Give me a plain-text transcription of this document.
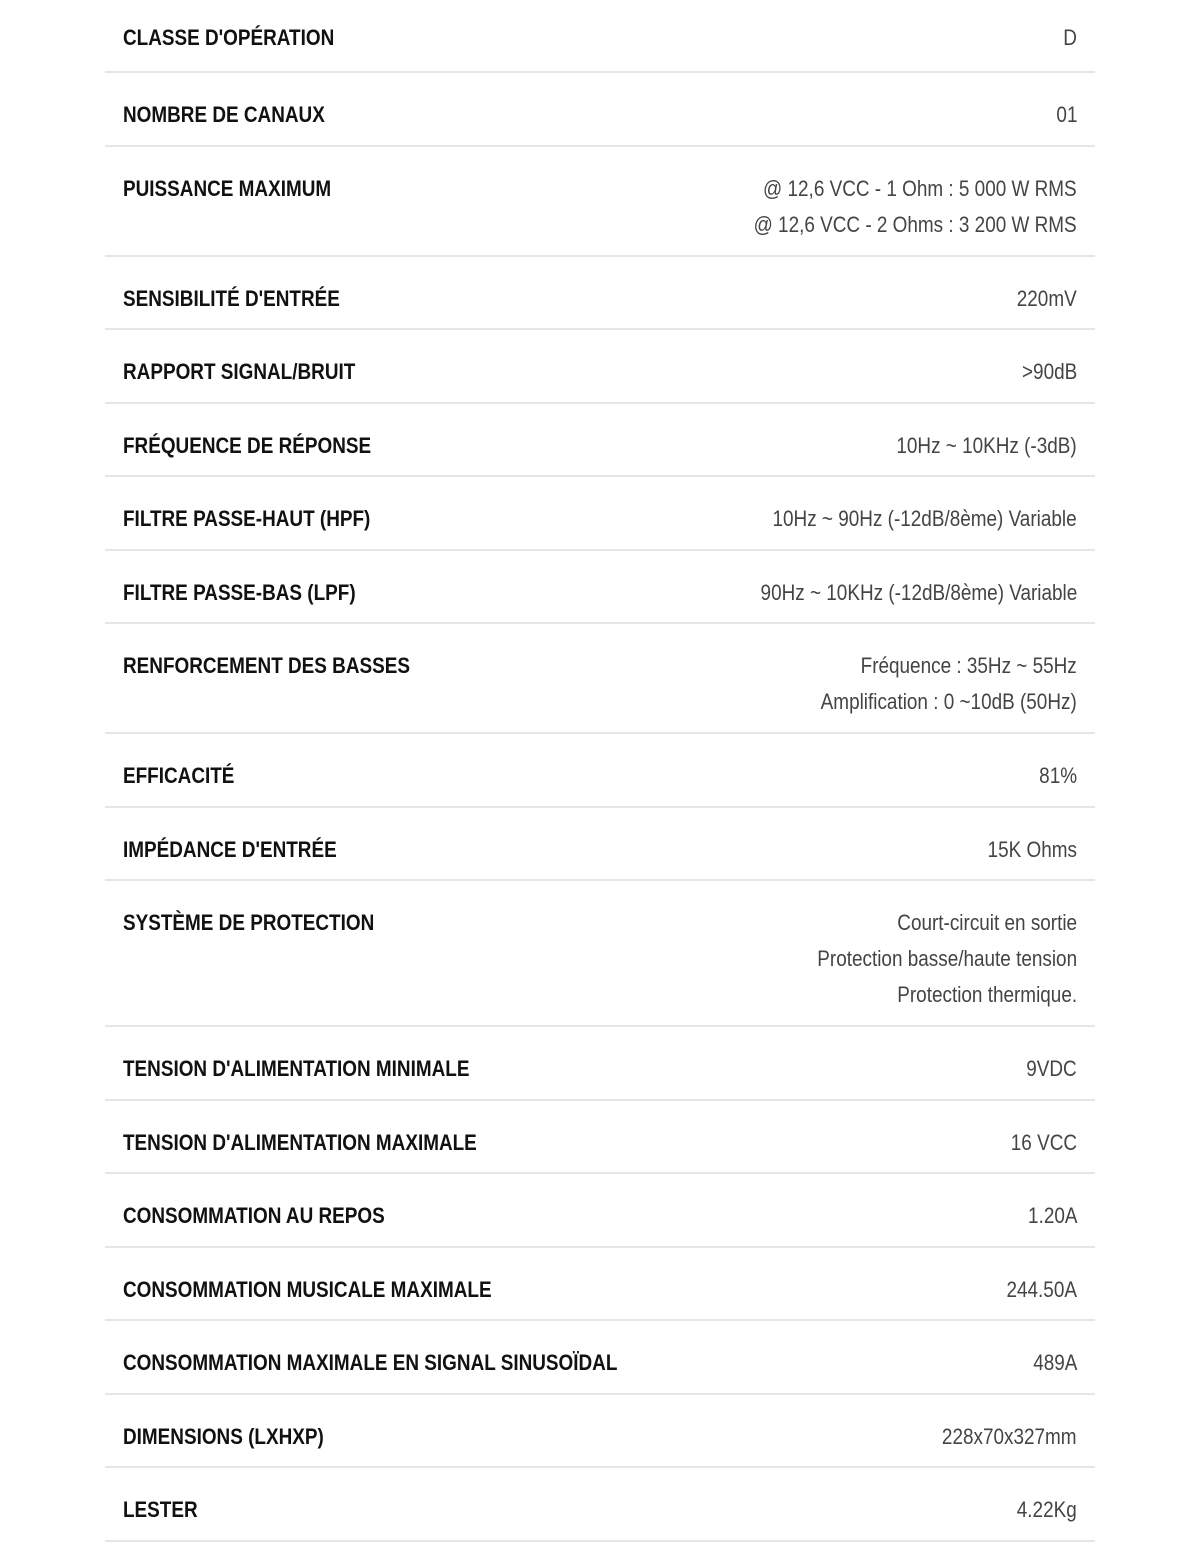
CLASSE D'OPÉRATION	D
NOMBRE DE CANAUX	01
PUISSANCE MAXIMUM	@ 12,6 VCC - 1 Ohm : 5 000 W RMS
@ 12,6 VCC - 2 Ohms : 3 200 W RMS
SENSIBILITÉ D'ENTRÉE	220mV
RAPPORT SIGNAL/BRUIT	>90dB
FRÉQUENCE DE RÉPONSE	10Hz ~ 10KHz (-3dB)
FILTRE PASSE-HAUT (HPF)	10Hz ~ 90Hz (-12dB/8ème) Variable
FILTRE PASSE-BAS (LPF)	90Hz ~ 10KHz (-12dB/8ème) Variable
RENFORCEMENT DES BASSES	Fréquence : 35Hz ~ 55Hz
Amplification : 0 ~10dB (50Hz)
EFFICACITÉ	81%
IMPÉDANCE D'ENTRÉE	15K Ohms
SYSTÈME DE PROTECTION	Court-circuit en sortie
Protection basse/haute tension
Protection thermique.
TENSION D'ALIMENTATION MINIMALE	9VDC
TENSION D'ALIMENTATION MAXIMALE	16 VCC
CONSOMMATION AU REPOS	1.20A
CONSOMMATION MUSICALE MAXIMALE	244.50A
CONSOMMATION MAXIMALE EN SIGNAL SINUSOÏDAL	489A
DIMENSIONS (LXHXP)	228x70x327mm
LESTER	4.22Kg
